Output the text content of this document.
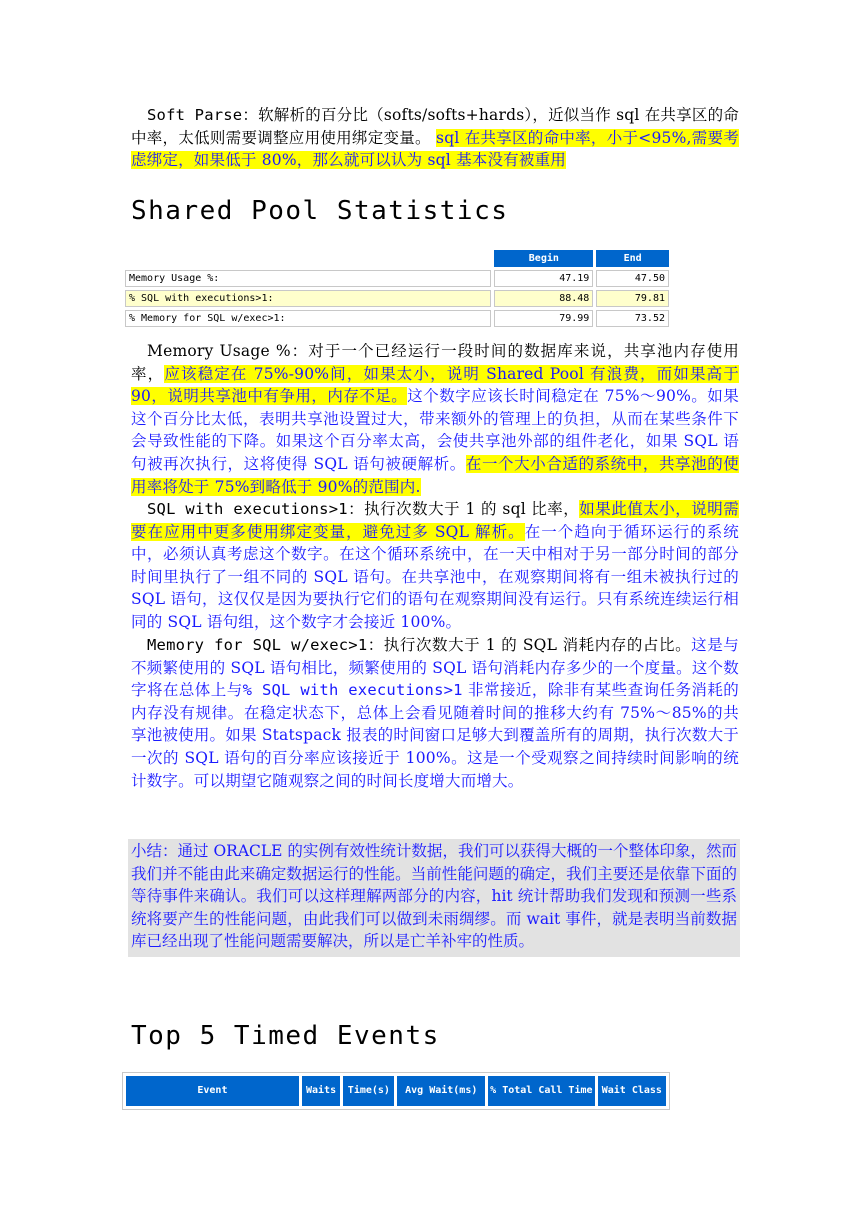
Soft Parse：软解析的百分比（softs/softs+hards），近似当作 sql 在共享区的命中率，太低则需要调整应用使用绑定变量。 sql 在共享区的命中率，小于<95%,需要考虑绑定，如果低于 80%，那么就可以认为 sql 基本没有被重用
Shared Pool Statistics
	Begin	End
Memory Usage %:	47.19	47.50
% SQL with executions>1:	88.48	79.81
% Memory for SQL w/exec>1:	79.99	73.52
Memory Usage %：对于一个已经运行一段时间的数据库来说，共享池内存使用率，应该稳定在 75%-90%间，如果太小，说明 Shared Pool 有浪费，而如果高于 90，说明共享池中有争用，内存不足。这个数字应该长时间稳定在 75%～90%。如果这个百分比太低，表明共享池设置过大，带来额外的管理上的负担，从而在某些条件下会导致性能的下降。如果这个百分率太高，会使共享池外部的组件老化，如果 SQL 语句被再次执行，这将使得 SQL 语句被硬解析。在一个大小合适的系统中，共享池的使用率将处于 75%到略低于 90%的范围内.
SQL with executions>1：执行次数大于 1 的 sql 比率，如果此值太小，说明需要在应用中更多使用绑定变量，避免过多 SQL 解析。在一个趋向于循环运行的系统中，必须认真考虑这个数字。在这个循环系统中，在一天中相对于另一部分时间的部分时间里执行了一组不同的 SQL 语句。在共享池中，在观察期间将有一组未被执行过的 SQL 语句，这仅仅是因为要执行它们的语句在观察期间没有运行。只有系统连续运行相同的 SQL 语句组，这个数字才会接近 100%。
Memory for SQL w/exec>1：执行次数大于 1 的 SQL 消耗内存的占比。这是与不频繁使用的 SQL 语句相比，频繁使用的 SQL 语句消耗内存多少的一个度量。这个数字将在总体上与% SQL with executions>1 非常接近，除非有某些查询任务消耗的内存没有规律。在稳定状态下，总体上会看见随着时间的推移大约有 75%～85%的共享池被使用。如果 Statspack 报表的时间窗口足够大到覆盖所有的周期，执行次数大于一次的 SQL 语句的百分率应该接近于 100%。这是一个受观察之间持续时间影响的统计数字。可以期望它随观察之间的时间长度增大而增大。
小结：通过 ORACLE 的实例有效性统计数据，我们可以获得大概的一个整体印象，然而我们并不能由此来确定数据运行的性能。当前性能问题的确定，我们主要还是依靠下面的等待事件来确认。我们可以这样理解两部分的内容，hit 统计帮助我们发现和预测一些系统将要产生的性能问题，由此我们可以做到未雨绸缪。而 wait 事件，就是表明当前数据库已经出现了性能问题需要解决，所以是亡羊补牢的性质。
Top 5 Timed Events
Event	Waits	Time(s)	Avg Wait(ms)	% Total Call Time	Wait Class
